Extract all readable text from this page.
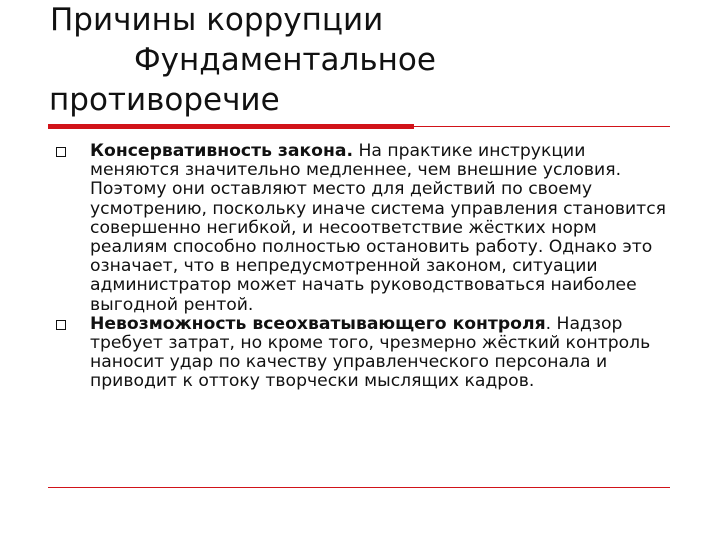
Причины коррупции
Фундаментальное
противоречие
Консервативность закона. На практике инструкции меняются значительно медленнее, чем внешние условия. Поэтому они оставляют место для действий по своему усмотрению, поскольку иначе система управления становится совершенно негибкой, и несоответствие жёстких норм реалиям способно полностью остановить работу. Однако это означает, что в непредусмотренной законом, ситуации администратор может начать руководствоваться наиболее выгодной рентой.
Невозможность всеохватывающего контроля. Надзор требует затрат, но кроме того, чрезмерно жёсткий контроль наносит удар по качеству управленческого персонала и приводит к оттоку творчески мыслящих кадров.
